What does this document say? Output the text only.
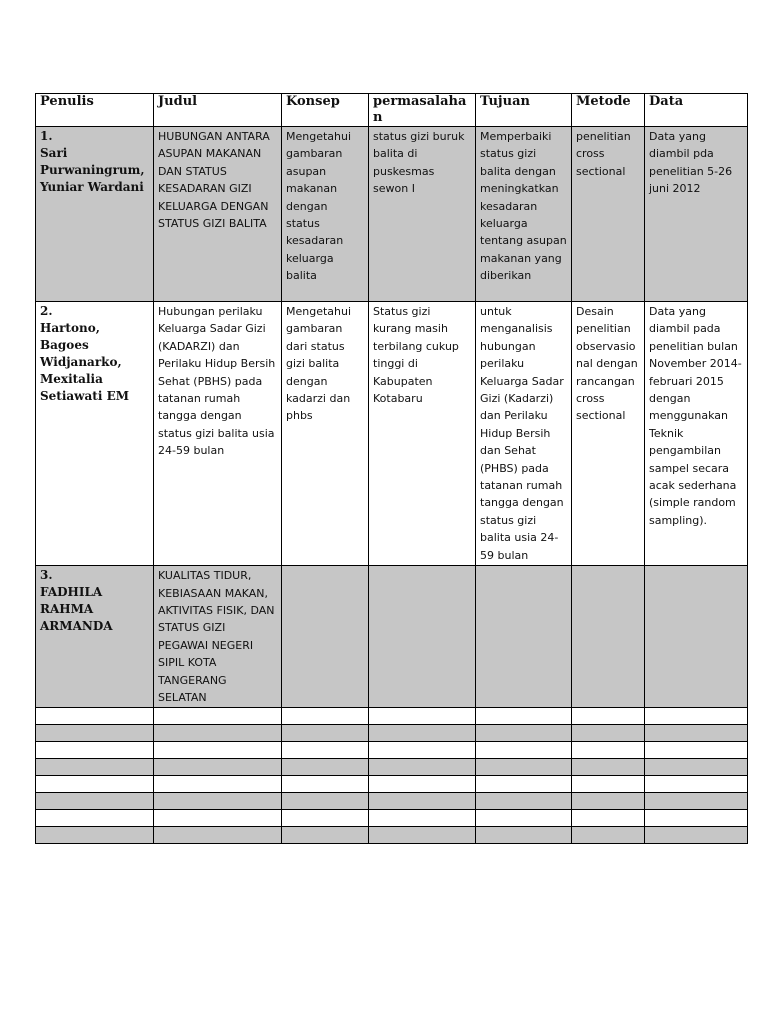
Penulis	Judul	Konsep	permasalahan	Tujuan	Metode	Data

1.
Sari Purwaningrum, Yuniar Wardani	HUBUNGAN ANTARA ASUPAN MAKANAN DAN STATUS KESADARAN GIZI KELUARGA DENGAN STATUS GIZI BALITA	Mengetahui gambaran asupan makanan dengan status kesadaran keluarga balita	status gizi buruk balita di puskesmas sewon I	Memperbaiki status gizi balita dengan meningkatkan kesadaran keluarga tentang asupan makanan yang diberikan	penelitian cross sectional	Data yang diambil pda penelitian 5-26 juni 2012

2.
Hartono, Bagoes Widjanarko, Mexitalia Setiawati EM	Hubungan perilaku Keluarga Sadar Gizi (KADARZI) dan Perilaku Hidup Bersih Sehat (PBHS) pada tatanan rumah tangga dengan status gizi balita usia 24-59 bulan	Mengetahui gambaran dari status gizi balita dengan kadarzi dan phbs	Status gizi kurang masih terbilang cukup tinggi di Kabupaten Kotabaru	untuk menganalisis hubungan perilaku Keluarga Sadar Gizi (Kadarzi) dan Perilaku Hidup Bersih dan Sehat (PHBS) pada tatanan rumah tangga dengan status gizi balita usia 24-59 bulan	Desain penelitian observasional dengan rancangan cross sectional	Data yang diambil pada penelitian bulan November 2014-februari 2015 dengan menggunakan Teknik pengambilan sampel secara acak sederhana (simple random sampling).

3.
FADHILA RAHMA ARMANDA	KUALITAS TIDUR, KEBIASAAN MAKAN, AKTIVITAS FISIK, DAN STATUS GIZI PEGAWAI NEGERI SIPIL KOTA TANGERANG SELATAN					
